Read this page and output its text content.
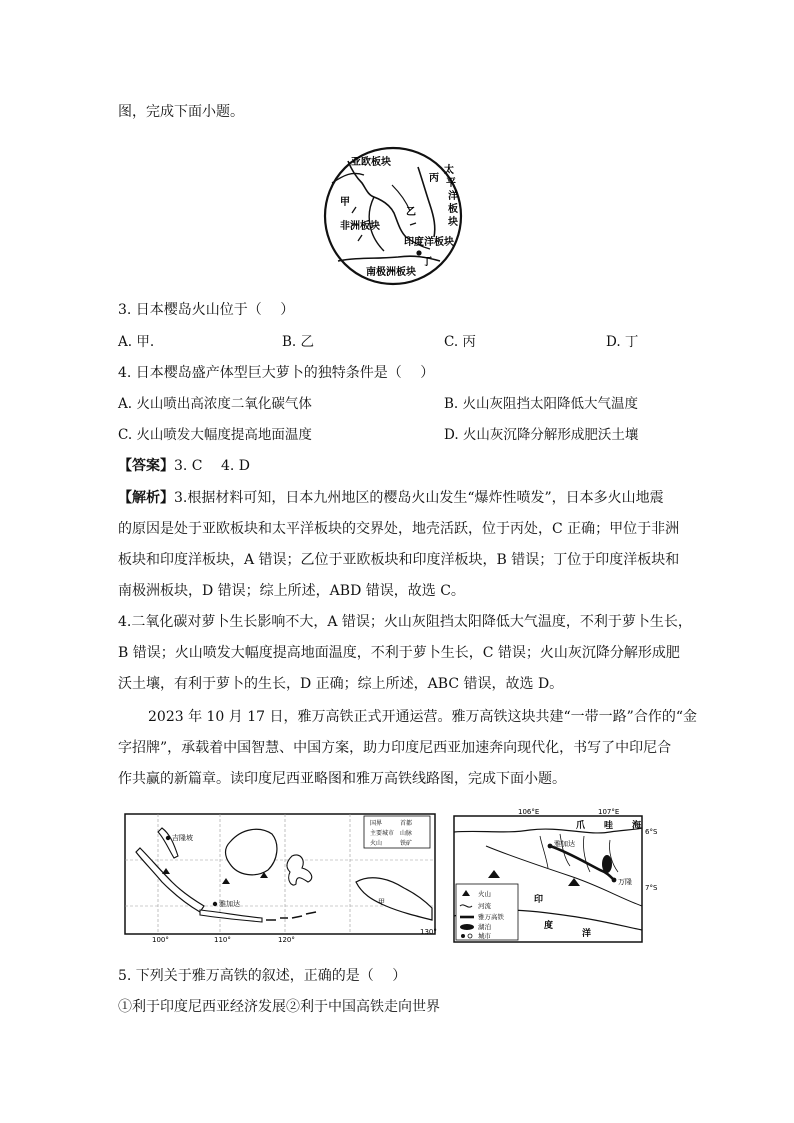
图，完成下面小题。
亚欧板块
太
平
洋
板
块
丙
甲
乙
非洲板块
印度洋板块
丁
南极洲板块
3. 日本樱岛火山位于（　 ）
A. 甲.	B. 乙	C. 丙	D. 丁
4. 日本樱岛盛产体型巨大萝卜的独特条件是（　 ）
A. 火山喷出高浓度二氧化碳气体	B. 火山灰阻挡太阳降低大气温度
C. 火山喷发大幅度提高地面温度	D. 火山灰沉降分解形成肥沃土壤
【答案】3. C　 4. D
【解析】3.根据材料可知，日本九州地区的樱岛火山发生“爆炸性喷发”，日本多火山地震
的原因是处于亚欧板块和太平洋板块的交界处，地壳活跃，位于丙处，C 正确；甲位于非洲
板块和印度洋板块，A 错误；乙位于亚欧板块和印度洋板块，B 错误；丁位于印度洋板块和
南极洲板块，D 错误；综上所述，ABD 错误，故选 C。
4.二氧化碳对萝卜生长影响不大，A 错误；火山灰阻挡太阳降低大气温度，不利于萝卜生长，
B 错误；火山喷发大幅度提高地面温度，不利于萝卜生长，C 错误；火山灰沉降分解形成肥
沃土壤，有利于萝卜的生长，D 正确；综上所述，ABC 错误，故选 D。
2023 年 10 月 17 日，雅万高铁正式开通运营。雅万高铁这块共建“一带一路”合作的“金
字招牌”，承载着中国智慧、中国方案，助力印度尼西亚加速奔向现代化，书写了中印尼合
作共赢的新篇章。读印度尼西亚略图和雅万高铁线路图，完成下面小题。
吉隆坡
雅加达	甲
国界	首都
主要城市 山脉
火山	铁矿
100°	110°	120°
130°
106°E	107°E
6°S
7°S
爪 哇 海
雅加达
万隆
印
度
洋
火山
河流
雅万高铁
湖泊
城市
5. 下列关于雅万高铁的叙述，正确的是（　 ）
①利于印度尼西亚经济发展②利于中国高铁走向世界
